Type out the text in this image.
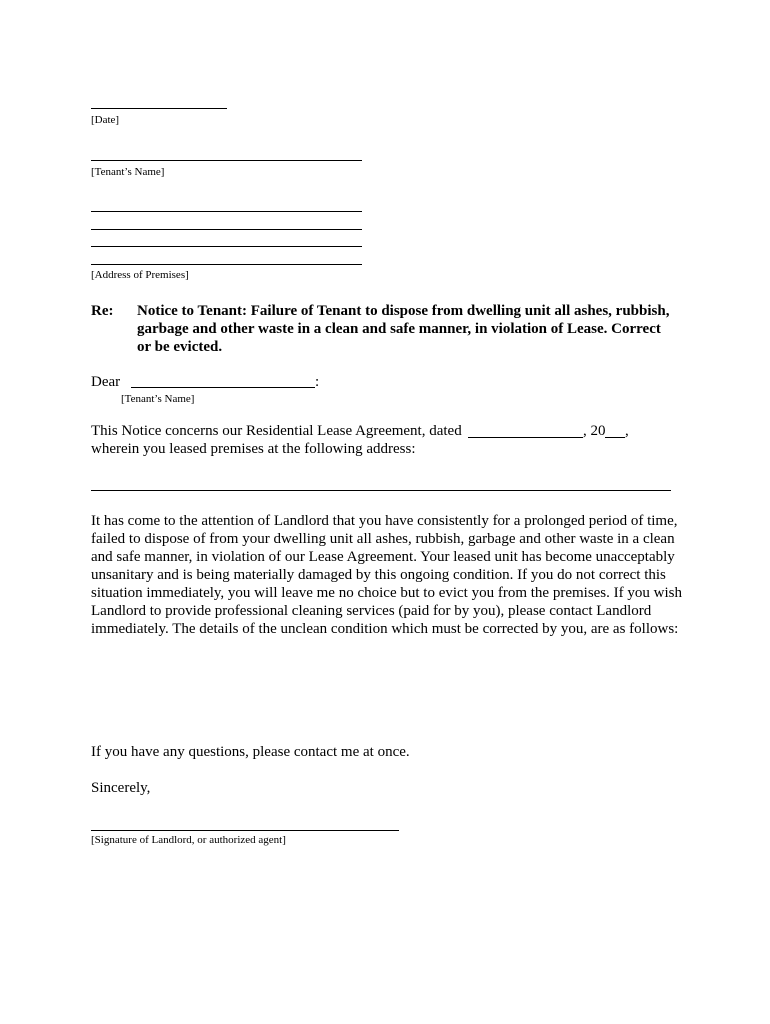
[Date]
[Tenant’s Name]
[Address of Premises]
Re: Notice to Tenant: Failure of Tenant to dispose from dwelling unit all ashes, rubbish,
garbage and other waste in a clean and safe manner, in violation of Lease. Correct
or be evicted.
Dear	:
[Tenant’s Name]
This Notice concerns our Residential Lease Agreement, dated	, 20 ,
wherein you leased premises at the following address:
It has come to the attention of Landlord that you have consistently for a prolonged period of time,
failed to dispose of from your dwelling unit all ashes, rubbish, garbage and other waste in a clean
and safe manner, in violation of our Lease Agreement. Your leased unit has become unacceptably
unsanitary and is being materially damaged by this ongoing condition. If you do not correct this
situation immediately, you will leave me no choice but to evict you from the premises. If you wish
Landlord to provide professional cleaning services (paid for by you), please contact Landlord
immediately. The details of the unclean condition which must be corrected by you, are as follows:
If you have any questions, please contact me at once.
Sincerely,
[Signature of Landlord, or authorized agent]
